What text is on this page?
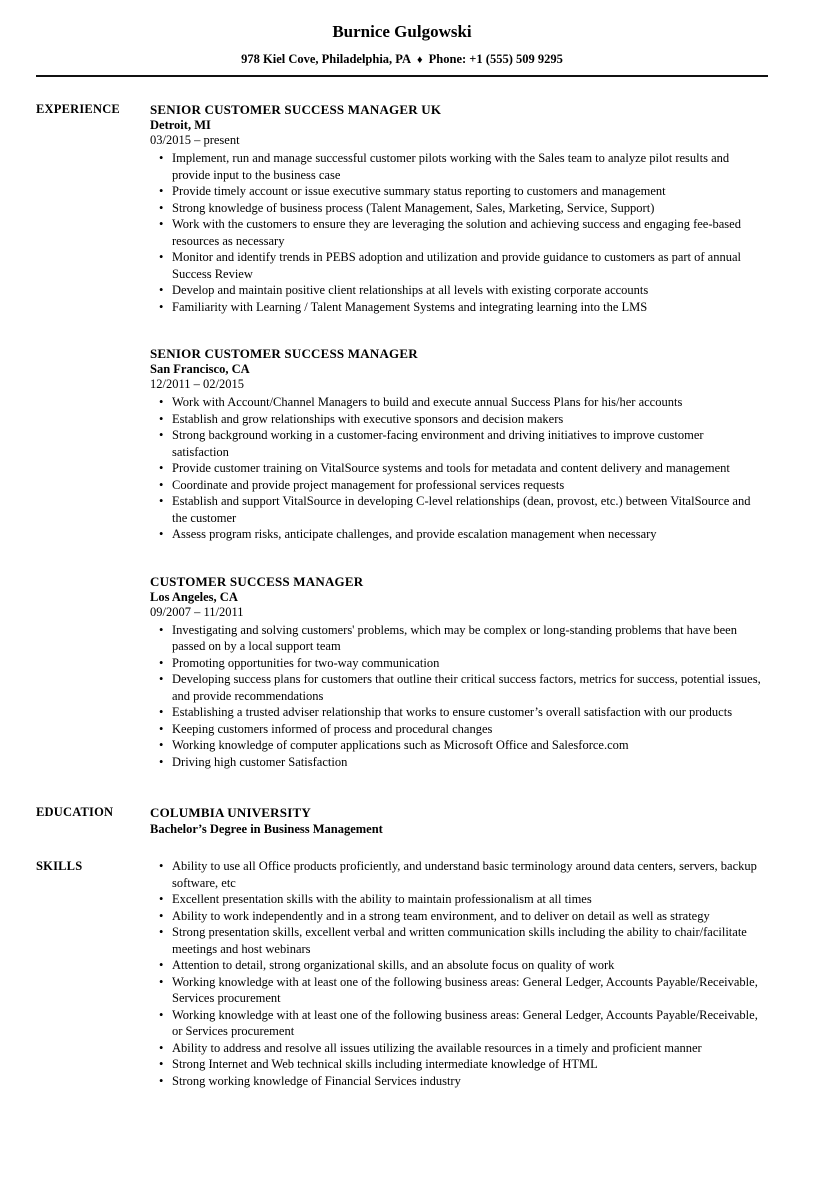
Burnice Gulgowski
978 Kiel Cove, Philadelphia, PA ♦ Phone: +1 (555) 509 9295
EXPERIENCE	SENIOR CUSTOMER SUCCESS MANAGER UK
Detroit, MI
03/2015 – present
• Implement, run and manage successful customer pilots working with the Sales team to analyze pilot results and provide input to the business case
• Provide timely account or issue executive summary status reporting to customers and management
• Strong knowledge of business process (Talent Management, Sales, Marketing, Service, Support)
• Work with the customers to ensure they are leveraging the solution and achieving success and engaging fee-based resources as necessary
• Monitor and identify trends in PEBS adoption and utilization and provide guidance to customers as part of annual Success Review
• Develop and maintain positive client relationships at all levels with existing corporate accounts
• Familiarity with Learning / Talent Management Systems and integrating learning into the LMS
SENIOR CUSTOMER SUCCESS MANAGER
San Francisco, CA
12/2011 – 02/2015
• Work with Account/Channel Managers to build and execute annual Success Plans for his/her accounts
• Establish and grow relationships with executive sponsors and decision makers
• Strong background working in a customer-facing environment and driving initiatives to improve customer satisfaction
• Provide customer training on VitalSource systems and tools for metadata and content delivery and management
• Coordinate and provide project management for professional services requests
• Establish and support VitalSource in developing C-level relationships (dean, provost, etc.) between VitalSource and the customer
• Assess program risks, anticipate challenges, and provide escalation management when necessary
CUSTOMER SUCCESS MANAGER
Los Angeles, CA
09/2007 – 11/2011
• Investigating and solving customers' problems, which may be complex or long-standing problems that have been passed on by a local support team
• Promoting opportunities for two-way communication
• Developing success plans for customers that outline their critical success factors, metrics for success, potential issues, and provide recommendations
• Establishing a trusted adviser relationship that works to ensure customer’s overall satisfaction with our products
• Keeping customers informed of process and procedural changes
• Working knowledge of computer applications such as Microsoft Office and Salesforce.com
• Driving high customer Satisfaction
EDUCATION	COLUMBIA UNIVERSITY
Bachelor’s Degree in Business Management
SKILLS	• Ability to use all Office products proficiently, and understand basic terminology around data centers, servers, backup software, etc
• Excellent presentation skills with the ability to maintain professionalism at all times
• Ability to work independently and in a strong team environment, and to deliver on detail as well as strategy
• Strong presentation skills, excellent verbal and written communication skills including the ability to chair/facilitate meetings and host webinars
• Attention to detail, strong organizational skills, and an absolute focus on quality of work
• Working knowledge with at least one of the following business areas: General Ledger, Accounts Payable/Receivable, Services procurement
• Working knowledge with at least one of the following business areas: General Ledger, Accounts Payable/Receivable, or Services procurement
• Ability to address and resolve all issues utilizing the available resources in a timely and proficient manner
• Strong Internet and Web technical skills including intermediate knowledge of HTML
• Strong working knowledge of Financial Services industry
